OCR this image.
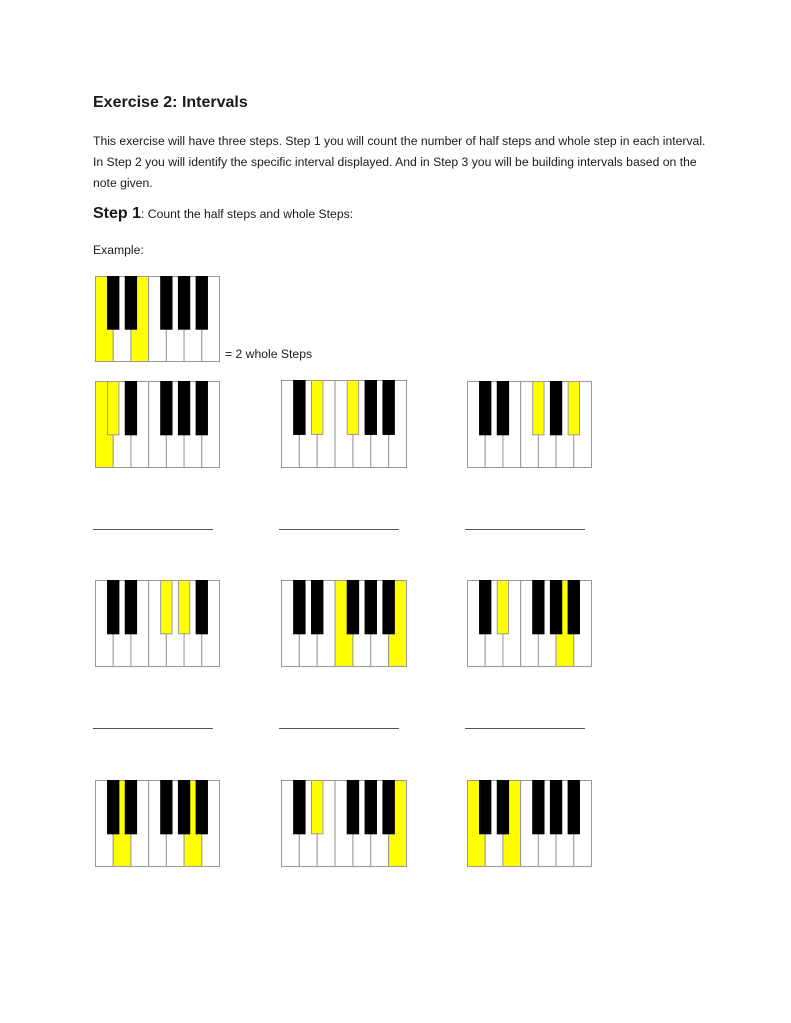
Exercise 2: Intervals
This exercise will have three steps. Step 1 you will count the number of half steps and whole step in each interval. In Step 2 you will identify the specific interval displayed. And in Step 3 you will be building intervals based on the note given.
Step 1: Count the half steps and whole Steps:
Example:
= 2 whole Steps
